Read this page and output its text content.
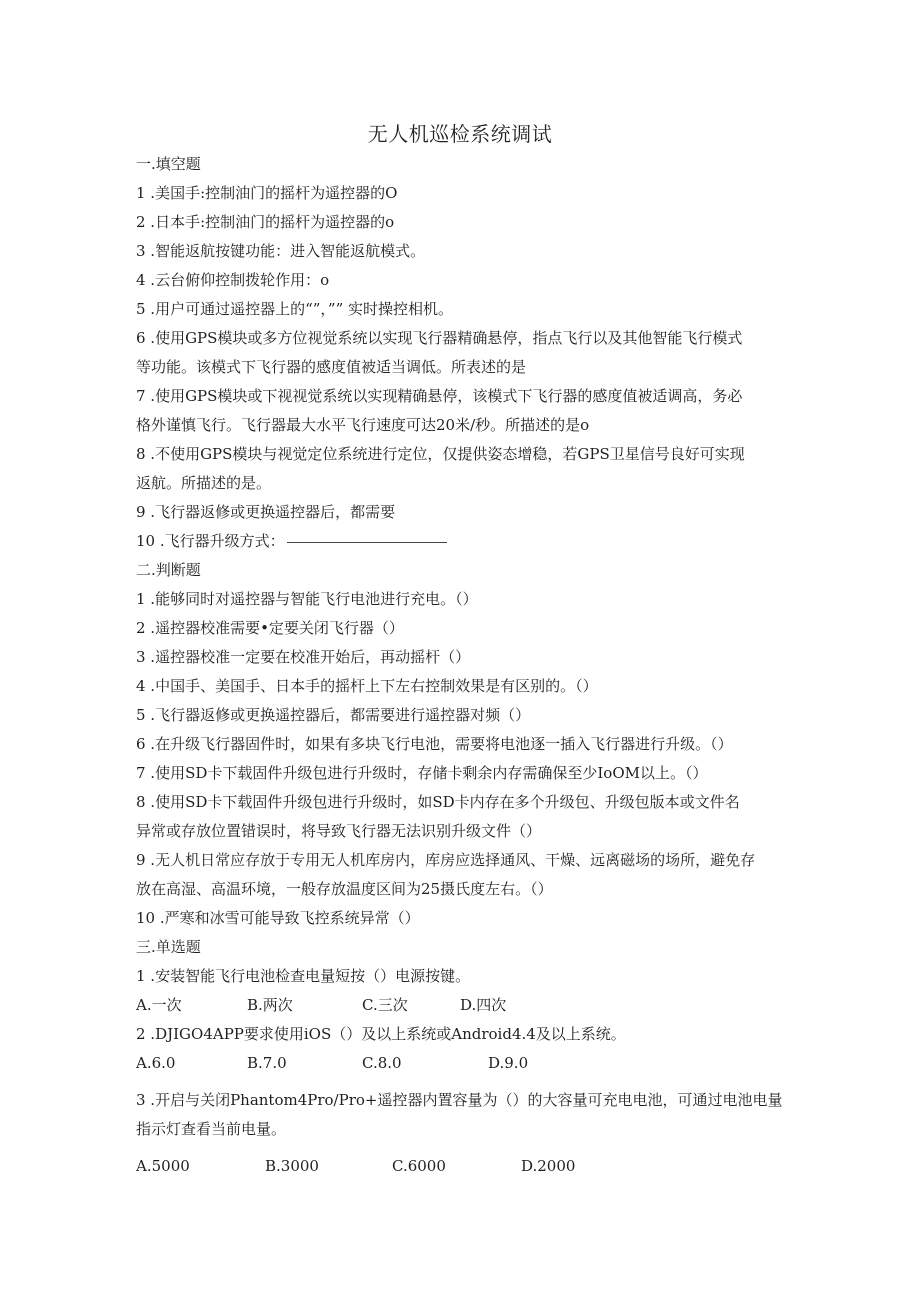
无人机巡检系统调试
一.填空题
1 .美国手:控制油门的摇杆为遥控器的O
2 .日本手:控制油门的摇杆为遥控器的o
3 .智能返航按键功能：进入智能返航模式。
4 .云台俯仰控制拨轮作用：o
5 .用户可通过遥控器上的“”，”” 实时操控相机。
6 .使用GPS模块或多方位视觉系统以实现飞行器精确悬停，指点飞行以及其他智能飞行模式
等功能。该模式下飞行器的感度值被适当调低。所表述的是
7 .使用GPS模块或下视视觉系统以实现精确悬停，该模式下飞行器的感度值被适调高，务必
格外谨慎飞行。飞行器最大水平飞行速度可达20米/秒。所描述的是o
8 .不使用GPS模块与视觉定位系统进行定位，仅提供姿态增稳，若GPS卫星信号良好可实现
返航。所描述的是。
9 .飞行器返修或更换遥控器后，都需要
10 .飞行器升级方式：
二.判断题
1 .能够同时对遥控器与智能飞行电池进行充电。（）
2 .遥控器校准需要•定要关闭飞行器（）
3 .遥控器校准一定要在校准开始后，再动摇杆（）
4 .中国手、美国手、日本手的摇杆上下左右控制效果是有区别的。（）
5 .飞行器返修或更换遥控器后，都需要进行遥控器对频（）
6 .在升级飞行器固件时，如果有多块飞行电池，需要将电池逐一插入飞行器进行升级。（）
7 .使用SD卡下载固件升级包进行升级时，存储卡剩余内存需确保至少IoOM以上。（）
8 .使用SD卡下载固件升级包进行升级时，如SD卡内存在多个升级包、升级包版本或文件名
异常或存放位置错误时，将导致飞行器无法识别升级文件（）
9 .无人机日常应存放于专用无人机库房内，库房应选择通风、干燥、远离磁场的场所，避免存
放在高湿、高温环境，一般存放温度区间为25摄氏度左右。（）
10 .严寒和冰雪可能导致飞控系统异常（）
三.单选题
1 .安装智能飞行电池检查电量短按（）电源按键。
A.一次	B.两次	C.三次	D.四次
2 .DJIGO4APP要求使用iOS（）及以上系统或Android4.4及以上系统。
A.6.0	B.7.0	C.8.0	D.9.0
3 .开启与关闭Phantom4Pro/Pro+遥控器内置容量为（）的大容量可充电电池，可通过电池电量
指示灯查看当前电量。
A.5000	B.3000	C.6000	D.2000
